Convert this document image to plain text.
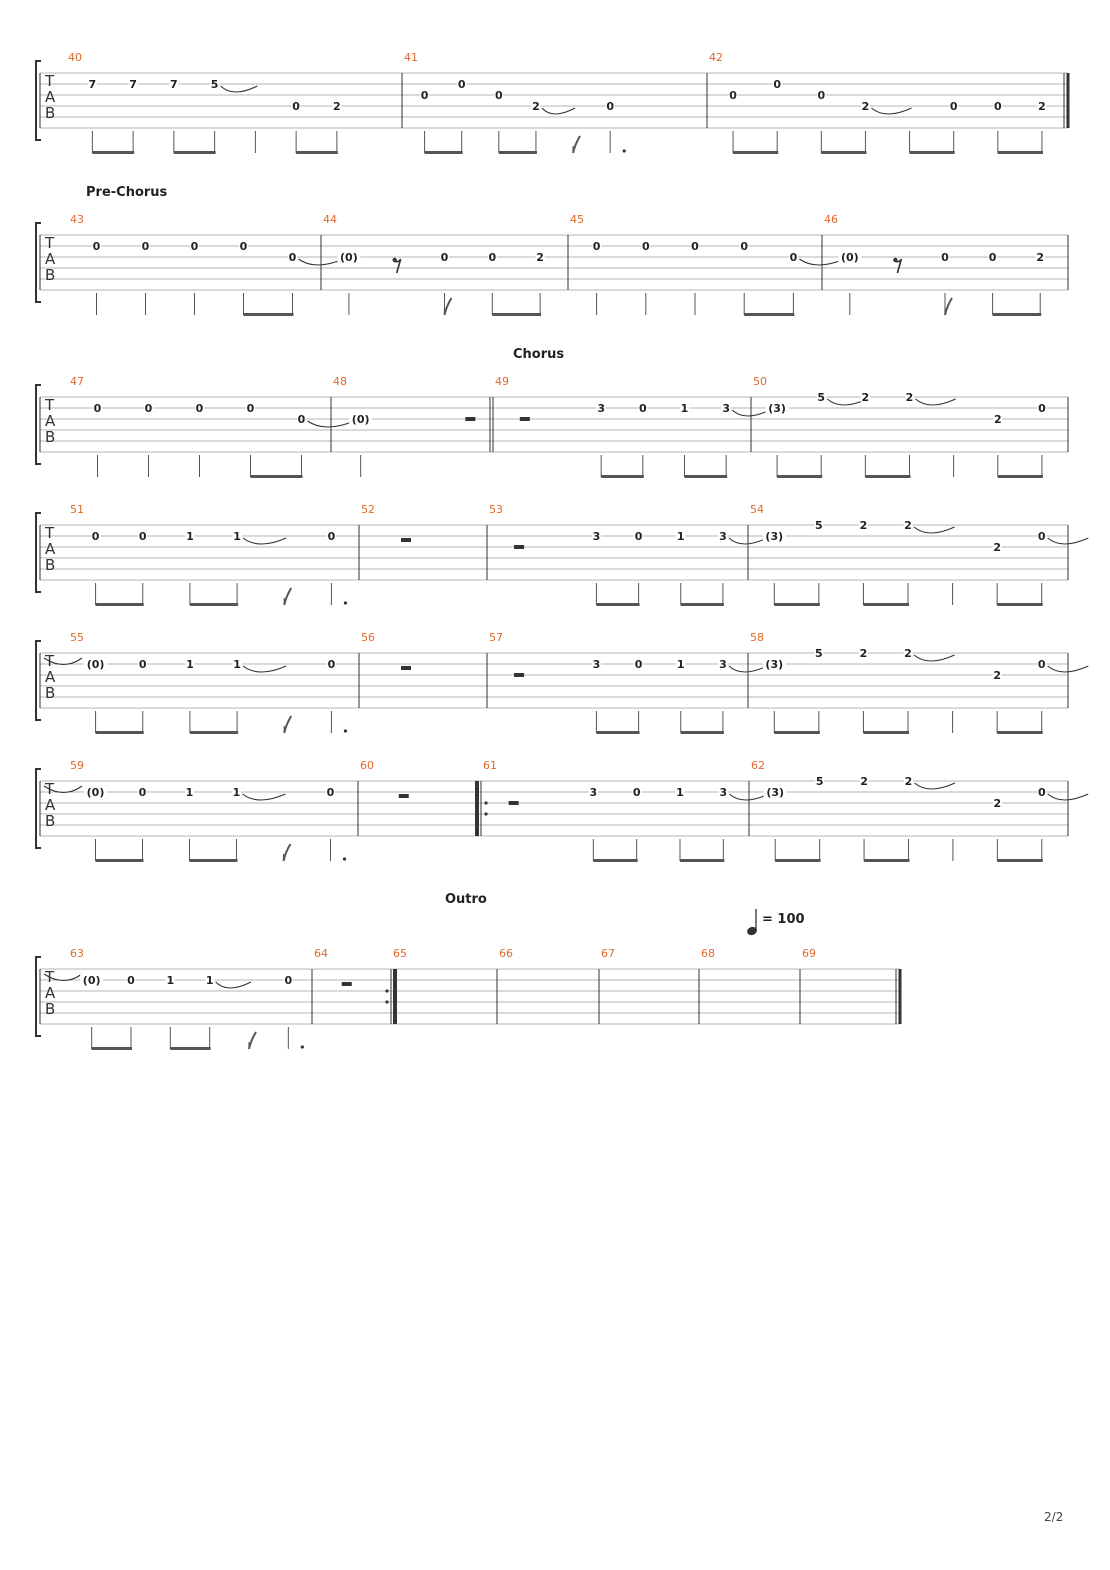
Pre-Chorus
Chorus
Outro
= 100
T
A
B
40
7	7	7	5
0	2
41
0
0
0
2	0
42
0
0
0
2	0	0	2
T
A
B
43
0	0	0	0
0
44
(0)	0	0	2
45
0	0	0	0
0
46
(0)	0	0	2
T
A
B
47
0	0	0	0
0
48
(0)
49
3	0	1	3
50
(3)
5	2	2
2
0
T
A
B
51
0	0	1	1	0
52	53
3	0	1	3
54
(3)
5	2	2
2
0
T
A
B
55
(0)	0	1	1	0
56	57
3	0	1	3
58
(3)
5	2	2
2
0
T
A
B
59
(0)	0	1	1	0
60	61
3	0	1	3
62
(3)
5	2	2
2
0
T
A
B
63
(0) 0	1	1	0
64	65	66	67	68	69
2/2
